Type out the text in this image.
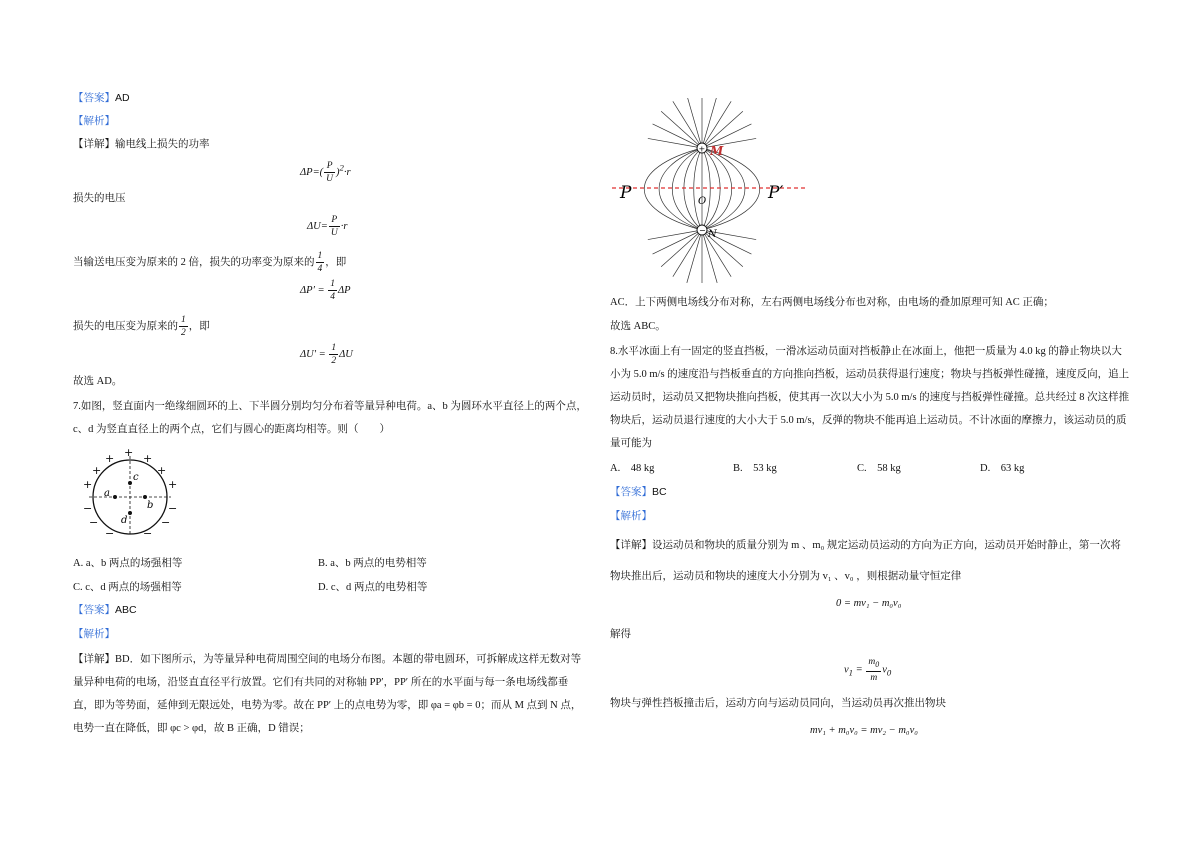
【答案】AD
【解析】
【详解】输电线上损失的功率
$\Delta P=( \frac{P}{U} )^2\cdot r$
损失的电压
$\Delta U= \frac{P}{U} \cdot r$
当输送电压变为原来的 2 倍，损失的功率变为原来的 $\frac{1}{4}$ ，即
$\Delta P' = \frac{1}{4}$ ΔP
损失的电压变为原来的 $\frac{1}{2}$ ，即
$\Delta U' = \frac{1}{2}$ ΔU
故选 AD。
7.如图，竖直面内一绝缘细圆环的上、下半圆分别均匀分布着等量异种电荷。a、b 为圆环水平直径上的两个点，c、d 为竖直直径上的两个点，它们与圆心的距离均相等。则（　　）
+
+	+
+	+
+	+
−	−
−	−
−	−
a
b
c
d
A. a、b 两点的场强相等	B. a、b 两点的电势相等
C. c、d 两点的场强相等	D. c、d 两点的电势相等
【答案】ABC
【解析】
【详解】BD．如下图所示，为等量异种电荷周围空间的电场分布图。本题的带电圆环，可拆解成这样无数对等量异种电荷的电场，沿竖直直径平行放置。它们有共同的对称轴 PP′，PP′ 所在的水平面与每一条电场线都垂直，即为等势面，延伸到无限远处，电势为零。故在 PP′ 上的点电势为零，即 φa = φb = 0；而从 M 点到 N 点，电势一直在降低，即 φc > φd，故 B 正确，D 错误；
+
−
P	P′
M
N
O
AC．上下两侧电场线分布对称，左右两侧电场线分布也对称，由电场的叠加原理可知 AC 正确；
故选 ABC。
8.水平冰面上有一固定的竖直挡板，一滑冰运动员面对挡板静止在冰面上，他把一质量为 4.0 kg 的静止物块以大小为 5.0 m/s 的速度沿与挡板垂直的方向推向挡板，运动员获得退行速度；物块与挡板弹性碰撞，速度反向，追上运动员时，运动员又把物块推向挡板，使其再一次以大小为 5.0 m/s 的速度与挡板弹性碰撞。总共经过 8 次这样推物块后，运动员退行速度的大小大于 5.0 m/s，反弹的物块不能再追上运动员。不计冰面的摩擦力，该运动员的质量可能为
A.　48 kg	B.　53 kg	C.　58 kg	D.　63 kg
【答案】BC
【解析】
【详解】设运动员和物块的质量分别为 m 、m₀ 规定运动员运动的方向为正方向，运动员开始时静止，第一次将物块推出后，运动员和物块的速度大小分别为 v₁ 、v₀ ，则根据动量守恒定律
0 = mv₁ − m₀v₀
解得
$v_1 = \frac{m_0}{m} v_0$
物块与弹性挡板撞击后，运动方向与运动员同向，当运动员再次推出物块
mv₁ + m₀v₀ = mv₂ − m₀v₀
